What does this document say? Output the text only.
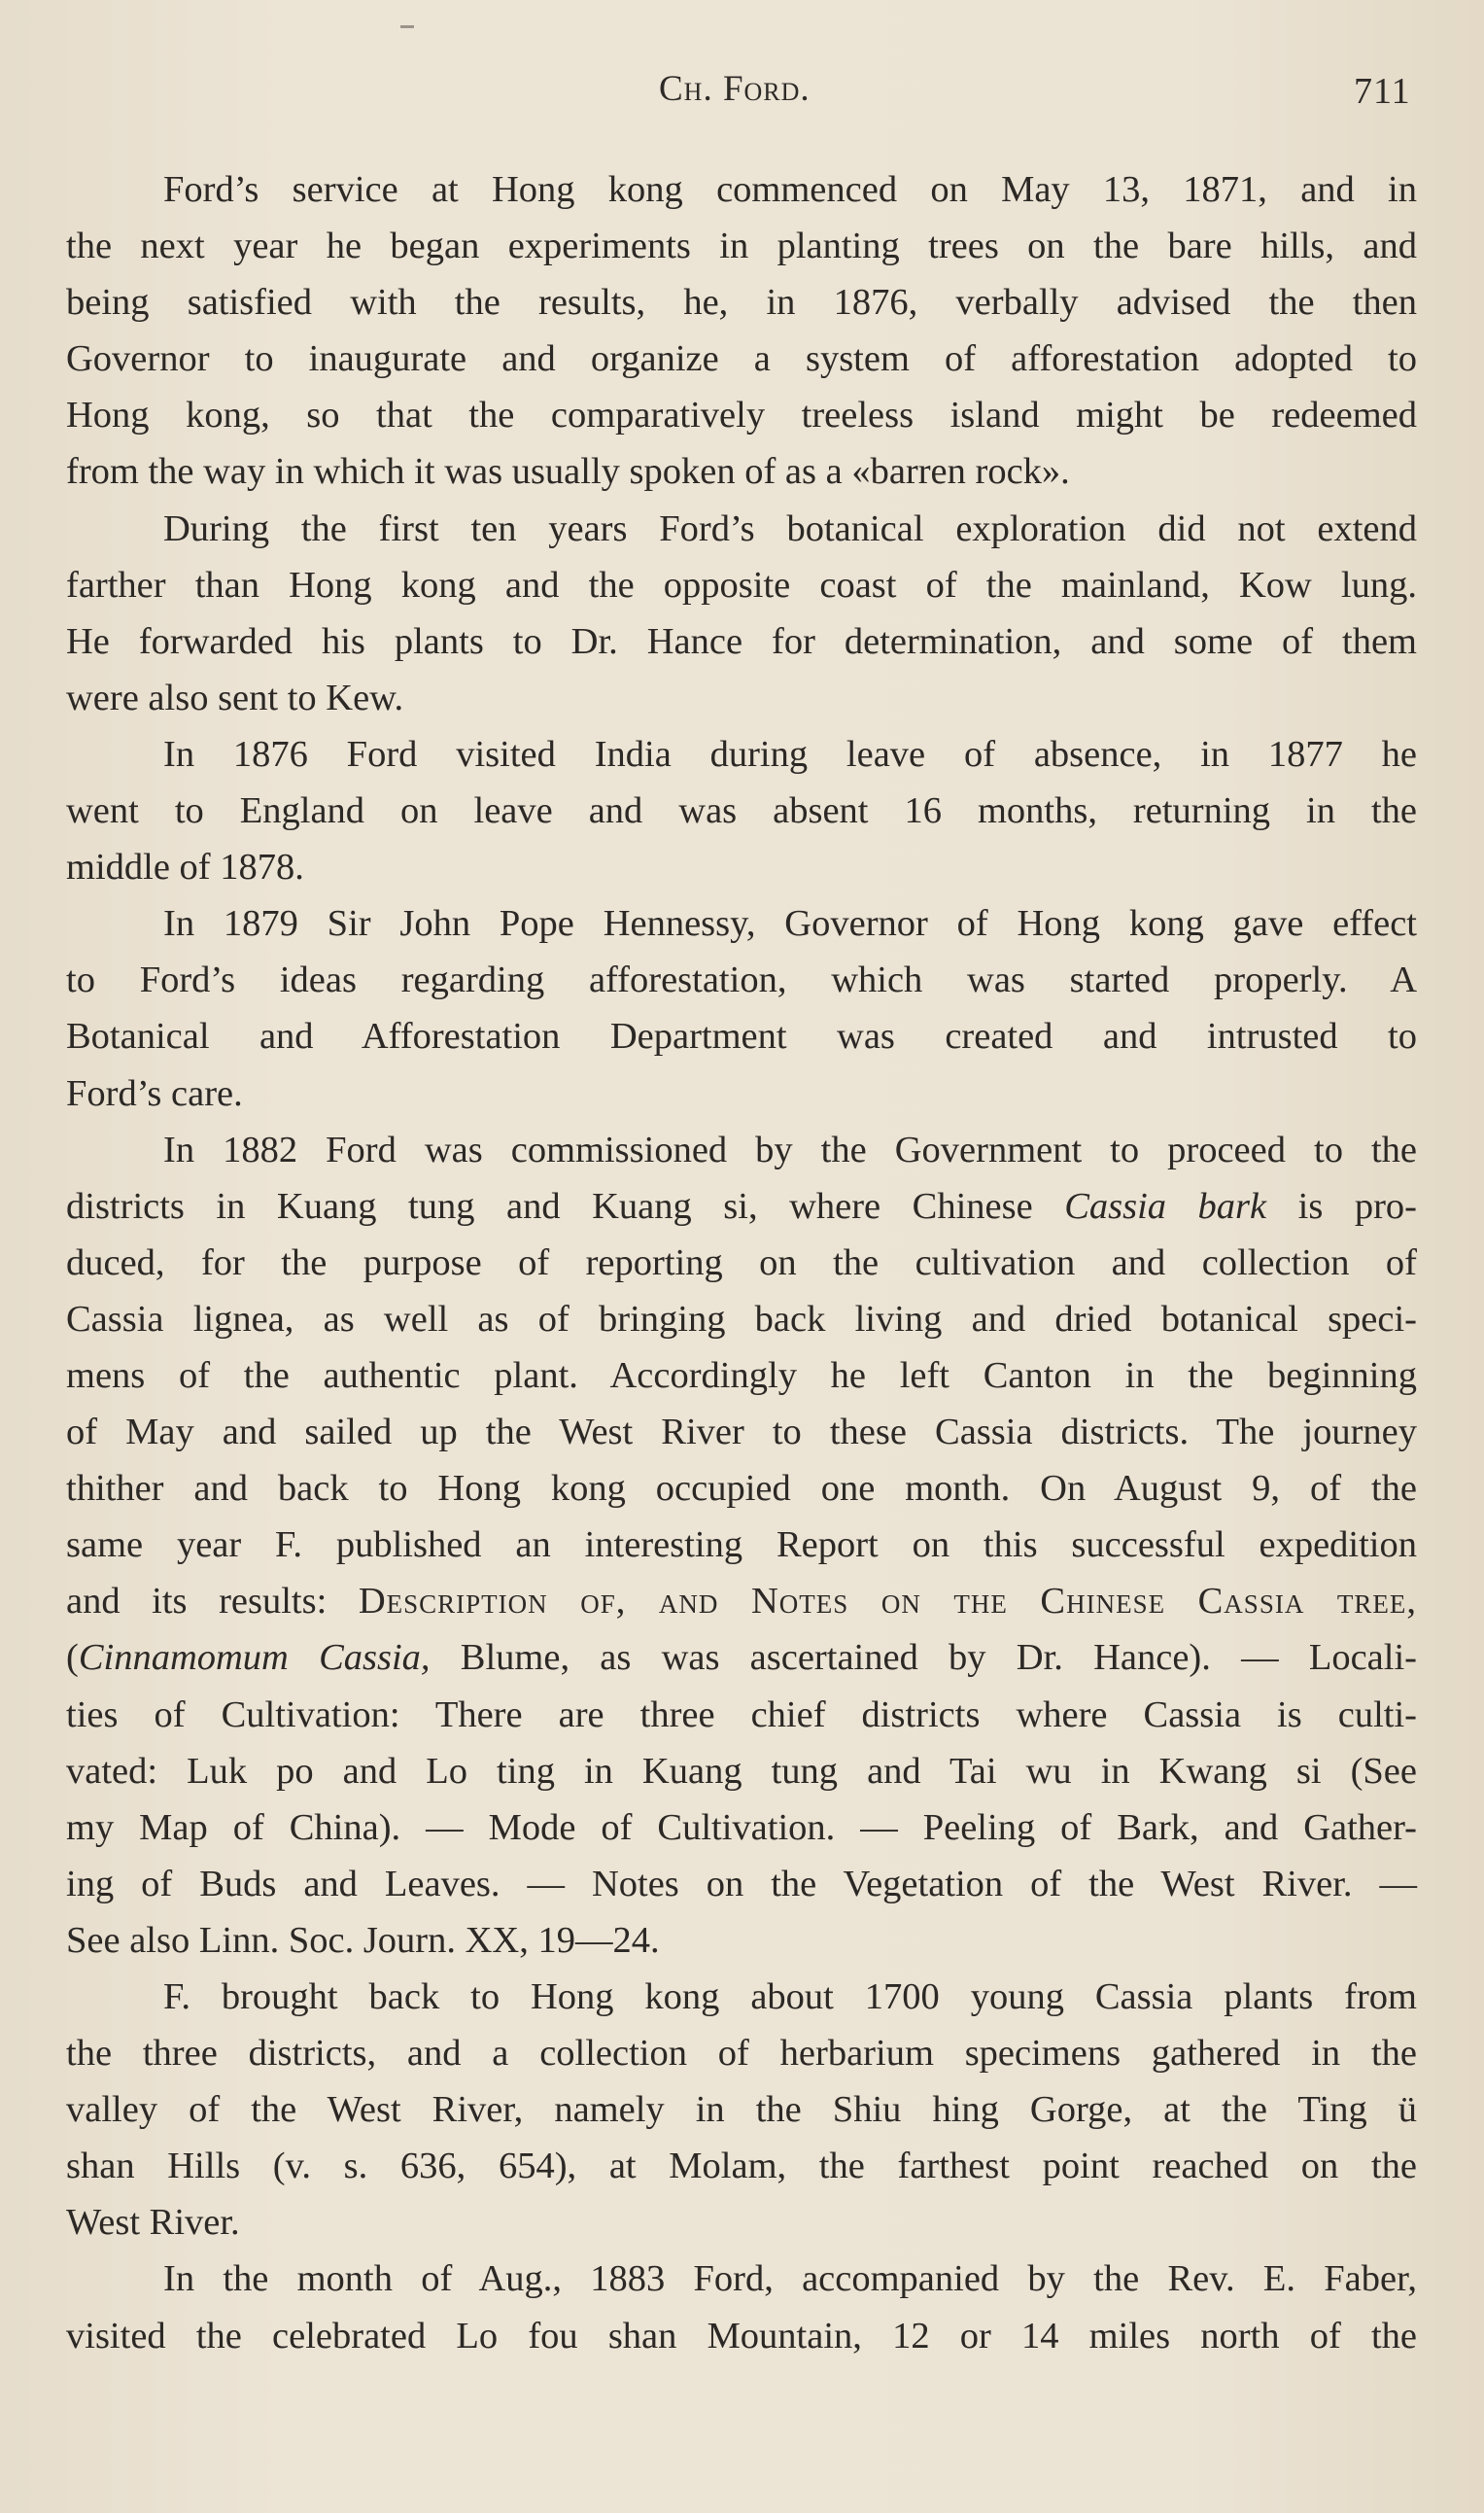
Ch. Ford.	711
Ford’s service at Hong kong commenced on May 13, 1871, and in
the next year he began experiments in planting trees on the bare hills, and
being satisfied with the results, he, in 1876, verbally advised the then
Governor to inaugurate and organize a system of afforestation adopted to
Hong kong, so that the comparatively treeless island might be redeemed
from the way in which it was usually spoken of as a «barren rock».
During the first ten years Ford’s botanical exploration did not extend
farther than Hong kong and the opposite coast of the mainland, Kow lung.
He forwarded his plants to Dr. Hance for determination, and some of them
were also sent to Kew.
In 1876 Ford visited India during leave of absence, in 1877 he
went to England on leave and was absent 16 months, returning in the
middle of 1878.
In 1879 Sir John Pope Hennessy, Governor of Hong kong gave effect
to Ford’s ideas regarding afforestation, which was started properly. A
Botanical and Afforestation Department was created and intrusted to
Ford’s care.
In 1882 Ford was commissioned by the Government to proceed to the
districts in Kuang tung and Kuang si, where Chinese Cassia bark is pro-
duced, for the purpose of reporting on the cultivation and collection of
Cassia lignea, as well as of bringing back living and dried botanical speci-
mens of the authentic plant. Accordingly he left Canton in the beginning
of May and sailed up the West River to these Cassia districts. The journey
thither and back to Hong kong occupied one month. On August 9, of the
same year F. published an interesting Report on this successful expedition
and its results: Description of, and Notes on the Chinese Cassia tree,
(Cinnamomum Cassia, Blume, as was ascertained by Dr. Hance). — Locali-
ties of Cultivation: There are three chief districts where Cassia is culti-
vated: Luk po and Lo ting in Kuang tung and Tai wu in Kwang si (See
my Map of China). — Mode of Cultivation. — Peeling of Bark, and Gather-
ing of Buds and Leaves. — Notes on the Vegetation of the West River. —
See also Linn. Soc. Journ. XX, 19—24.
F. brought back to Hong kong about 1700 young Cassia plants from
the three districts, and a collection of herbarium specimens gathered in the
valley of the West River, namely in the Shiu hing Gorge, at the Ting ü
shan Hills (v. s. 636, 654), at Molam, the farthest point reached on the
West River.
In the month of Aug., 1883 Ford, accompanied by the Rev. E. Faber,
visited the celebrated Lo fou shan Mountain, 12 or 14 miles north of the
